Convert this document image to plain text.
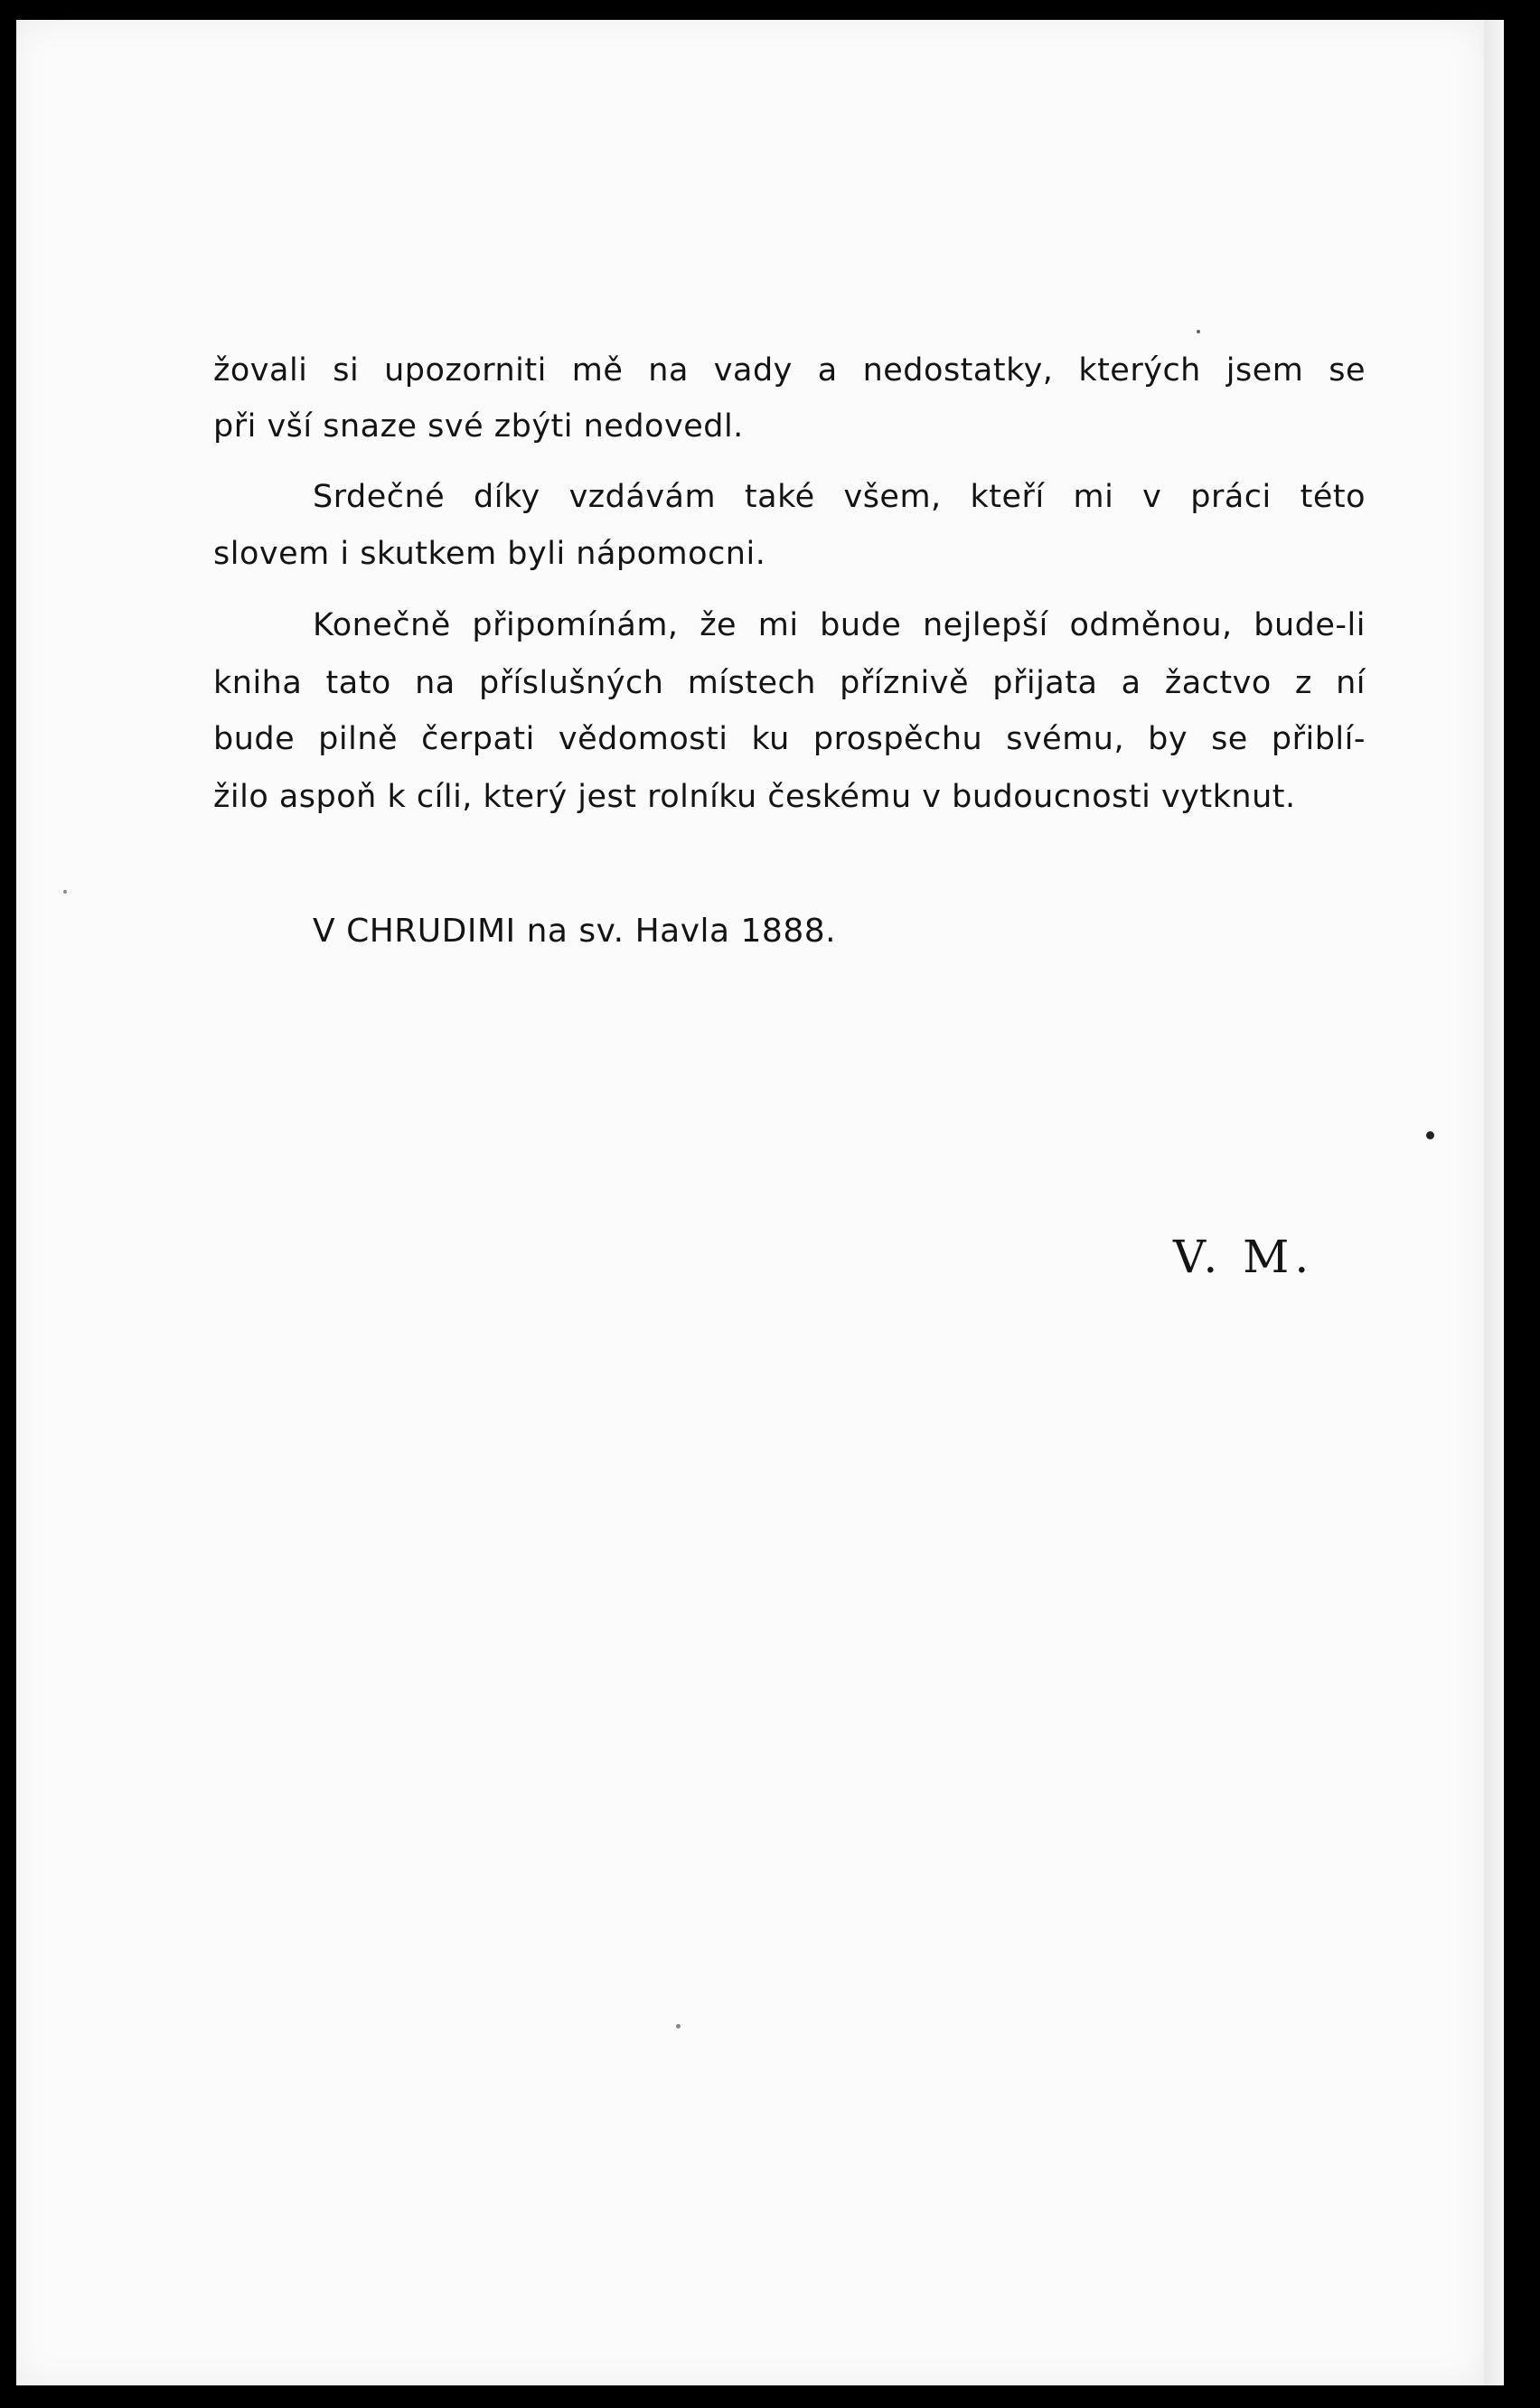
žovali si upozorniti mě na vady a nedostatky, kterých jsem se
při vší snaze své zbýti nedovedl.
Srdečné díky vzdávám také všem, kteří mi v práci této
slovem i skutkem byli nápomocni.
Konečně připomínám, že mi bude nejlepší odměnou, bude-li
kniha tato na příslušných místech příznivě přijata a žactvo z ní
bude pilně čerpati vědomosti ku prospěchu svému, by se přiblí-
žilo aspoň k cíli, který jest rolníku českému v budoucnosti vytknut.
V CHRUDIMI na sv. Havla 1888.
V. M.
